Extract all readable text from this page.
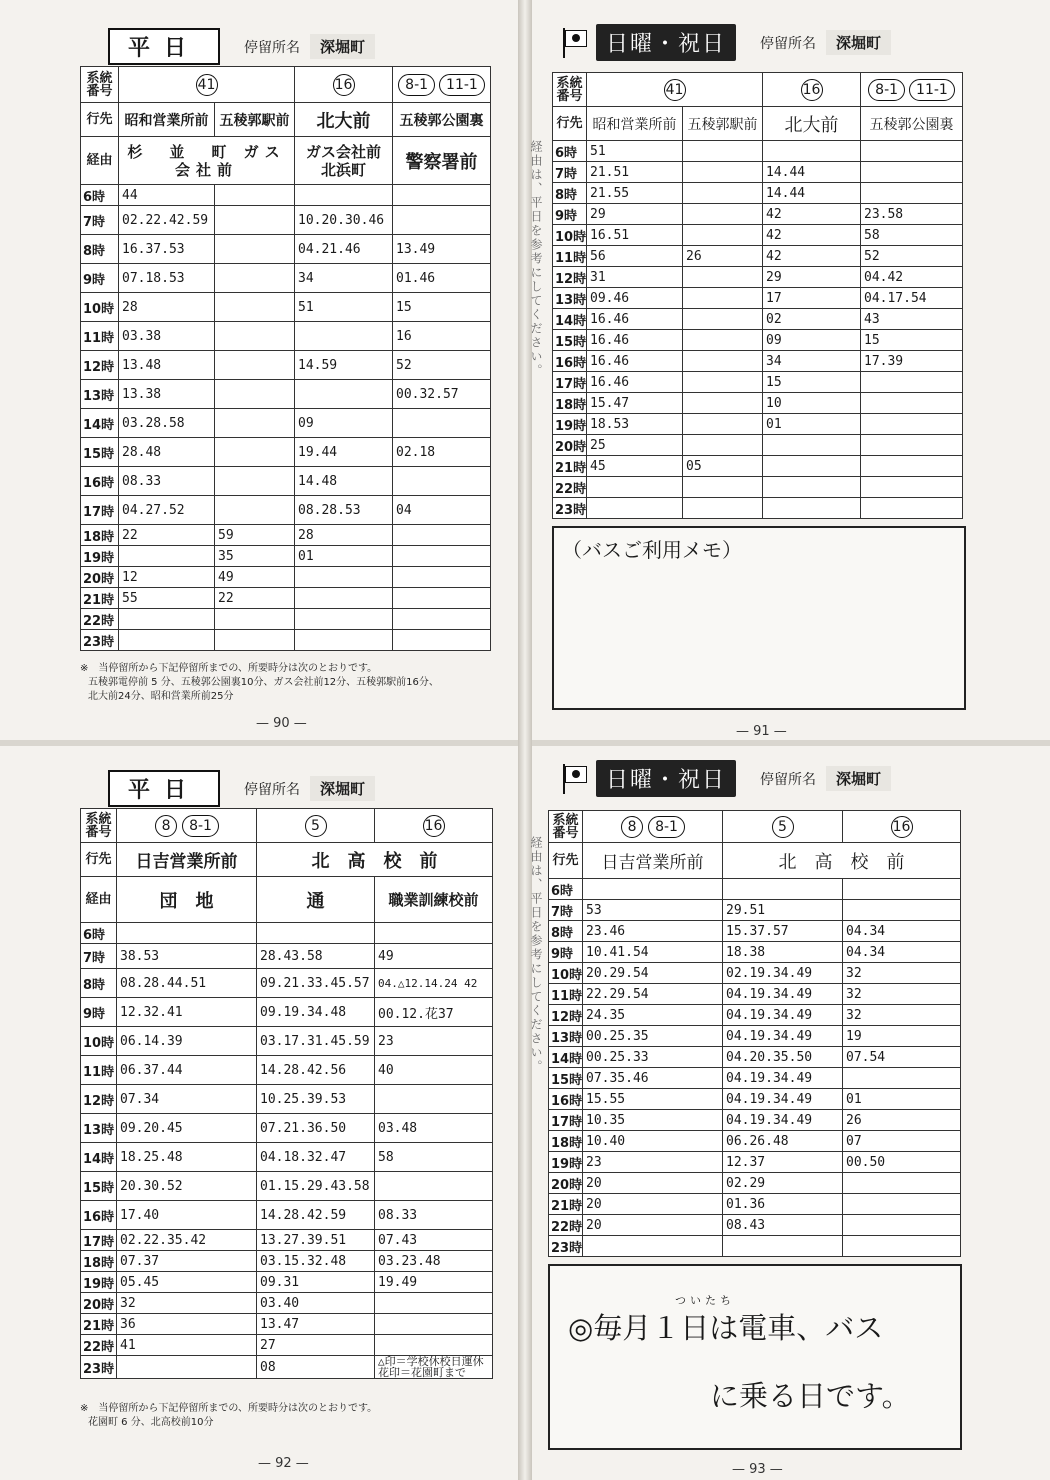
平日	停留所名	深堀町
系統番号	41		16	8-1 11-1
行先	昭和営業所前	五稜郭駅前	北大前	五稜郭公園裏
経由	杉　並　町 ガス会社前		ガス会社前 北浜町	警察署前
6時	44			
7時	02.22.42.59		10.20.30.46	
8時	16.37.53		04.21.46	13.49
9時	07.18.53		34	01.46
10時	28		51	15
11時	03.38			16
12時	13.48		14.59	52
13時	13.38			00.32.57
14時	03.28.58		09	
15時	28.48		19.44	02.18
16時	08.33		14.48	
17時	04.27.52		08.28.53	04
18時	22	59	28	
19時		35	01	
20時	12	49		
21時	55	22		
22時				
23時				
※　当停留所から下記停留所までの、所要時分は次のとおりです。
五稜郭電停前 5 分、五稜郭公園裏10分、ガス会社前12分、五稜郭駅前16分、
北大前24分、昭和営業所前25分
— 90 —
日曜・祝日	停留所名	深堀町
経由は、平日を参考にしてください。
系統番号	41		16	8-1 11-1
行先	昭和営業所前	五稜郭駅前	北大前	五稜郭公園裏
6時	51			
7時	21.51		14.44	
8時	21.55		14.44	
9時	29		42	23.58
10時	16.51		42	58
11時	56	26	42	52
12時	31		29	04.42
13時	09.46		17	04.17.54
14時	16.46		02	43
15時	16.46		09	15
16時	16.46		34	17.39
17時	16.46		15	
18時	15.47		10	
19時	18.53		01	
20時	25			
21時	45	05		
22時				
23時				
（バスご利用メモ）
— 91 —
平日	停留所名	深堀町
系統番号	8 8-1	5	16
行先	日吉営業所前	北　高　校　前	
経由	団　地	通	職業訓練校前
6時			
7時	38.53	28.43.58	49
8時	08.28.44.51	09.21.33.45.57	04.△12.14.24 42
9時	12.32.41	09.19.34.48	00.12.花37
10時	06.14.39	03.17.31.45.59	23
11時	06.37.44	14.28.42.56	40
12時	07.34	10.25.39.53	
13時	09.20.45	07.21.36.50	03.48
14時	18.25.48	04.18.32.47	58
15時	20.30.52	01.15.29.43.58	
16時	17.40	14.28.42.59	08.33
17時	02.22.35.42	13.27.39.51	07.43
18時	07.37	03.15.32.48	03.23.48
19時	05.45	09.31	19.49
20時	32	03.40	
21時	36	13.47	
22時	41	27	
23時		08	△印＝学校休校日運休 花印＝花園町まで
※　当停留所から下記停留所までの、所要時分は次のとおりです。
花園町 6 分、北高校前10分
— 92 —
日曜・祝日	停留所名	深堀町
経由は、平日を参考にしてください。
系統番号	8 8-1	5	16
行先	日吉営業所前	北　高　校　前	
6時			
7時	53	29.51	
8時	23.46	15.37.57	04.34
9時	10.41.54	18.38	04.34
10時	20.29.54	02.19.34.49	32
11時	22.29.54	04.19.34.49	32
12時	24.35	04.19.34.49	32
13時	00.25.35	04.19.34.49	19
14時	00.25.33	04.20.35.50	07.54
15時	07.35.46	04.19.34.49	
16時	15.55	04.19.34.49	01
17時	10.35	04.19.34.49	26
18時	10.40	06.26.48	07
19時	23	12.37	00.50
20時	20	02.29	
21時	20	01.36	
22時	20	08.43	
23時			
ついたち
◎毎月１日は電車、バス
に乗る日です。
— 93 —
